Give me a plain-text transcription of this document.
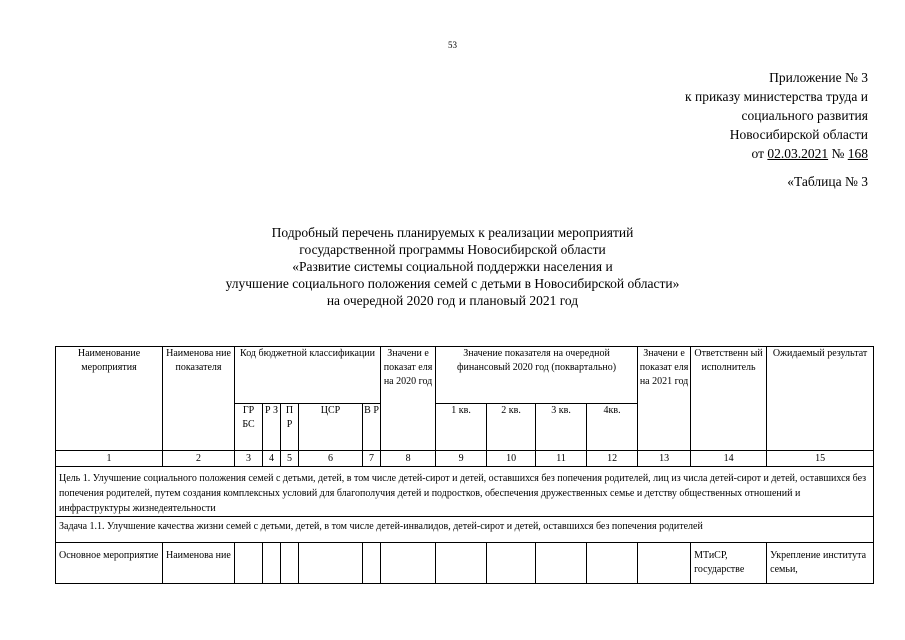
53
Приложение № 3
к приказу министерства труда и
социального развития
Новосибирской области
от 02.03.2021 № 168
«Таблица № 3
Подробный перечень планируемых к реализации мероприятий
государственной программы Новосибирской области
«Развитие системы социальной поддержки населения и
улучшение социального положения семей с детьми в Новосибирской области»
на очередной 2020 год и плановый 2021 год
Наименование мероприятия	Наименова ние показателя	Код бюджетной классификации					Значени е показат еля на 2020 год	Значение показателя на очередной финансовый 2020 год (поквартально)				Значени е показат еля на 2021 год	Ответственн ый исполнитель	Ожидаемый результат
		ГР БС	Р З	П Р	ЦСР	В Р		1 кв.	2 кв.	3 кв.	4кв.			
1	2	3	4	5	6	7	8	9	10	11	12	13	14	15
Цель 1. Улучшение социального положения семей с детьми, детей, в том числе детей-сирот и детей, оставшихся без попечения родителей, лиц из числа детей-сирот и детей, оставшихся без попечения родителей, путем создания комплексных условий для благополучия детей и подростков, обеспечения дружественных семье и детству общественных отношений и инфраструктуры жизнедеятельности														
Задача 1.1. Улучшение качества жизни семей с детьми, детей, в том числе детей-инвалидов, детей-сирот и детей, оставшихся без попечения родителей														
Основное мероприятие	Наименова ние												МТиСР, государстве	Укрепление института семьи,
